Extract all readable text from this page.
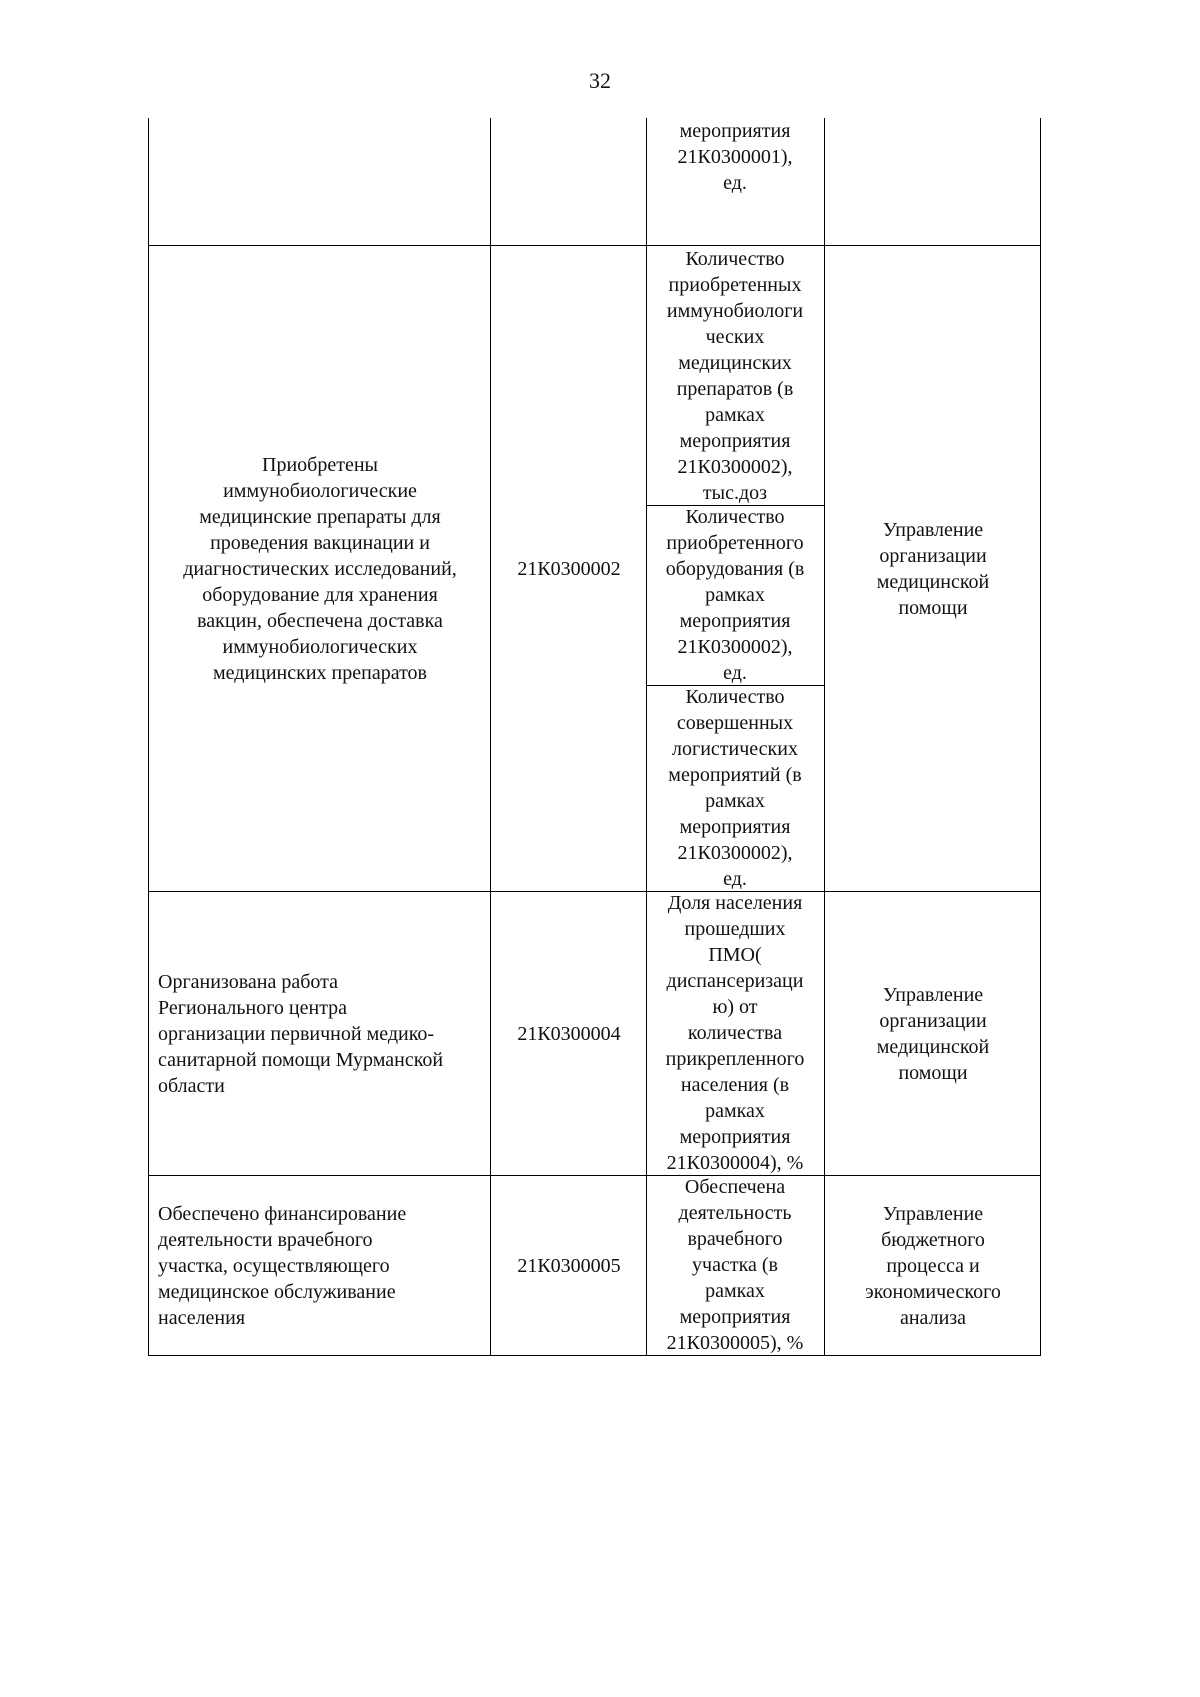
32
мероприятия
21К0300001),
ед.
Приобретены
иммунобиологические
медицинские препараты для
проведения вакцинации и
диагностических исследований,
оборудование для хранения
вакцин, обеспечена доставка
иммунобиологических
медицинских препаратов
21К0300002
Количество
приобретенных
иммунобиологи
ческих
медицинских
препаратов (в
рамках
мероприятия
21К0300002),
тыс.доз
Количество
приобретенного
оборудования (в
рамках
мероприятия
21К0300002),
ед.
Количество
совершенных
логистических
мероприятий (в
рамках
мероприятия
21К0300002),
ед.
Управление
организации
медицинской
помощи
Организована работа
Регионального центра
организации первичной медико-
санитарной помощи Мурманской
области
21К0300004
Доля населения
прошедших
ПМО(
диспансеризаци
ю) от
количества
прикрепленного
населения (в
рамках
мероприятия
21К0300004), %
Управление
организации
медицинской
помощи
Обеспечено финансирование
деятельности врачебного
участка, осуществляющего
медицинское обслуживание
населения
21К0300005
Обеспечена
деятельность
врачебного
участка (в
рамках
мероприятия
21К0300005), %
Управление
бюджетного
процесса и
экономического
анализа
